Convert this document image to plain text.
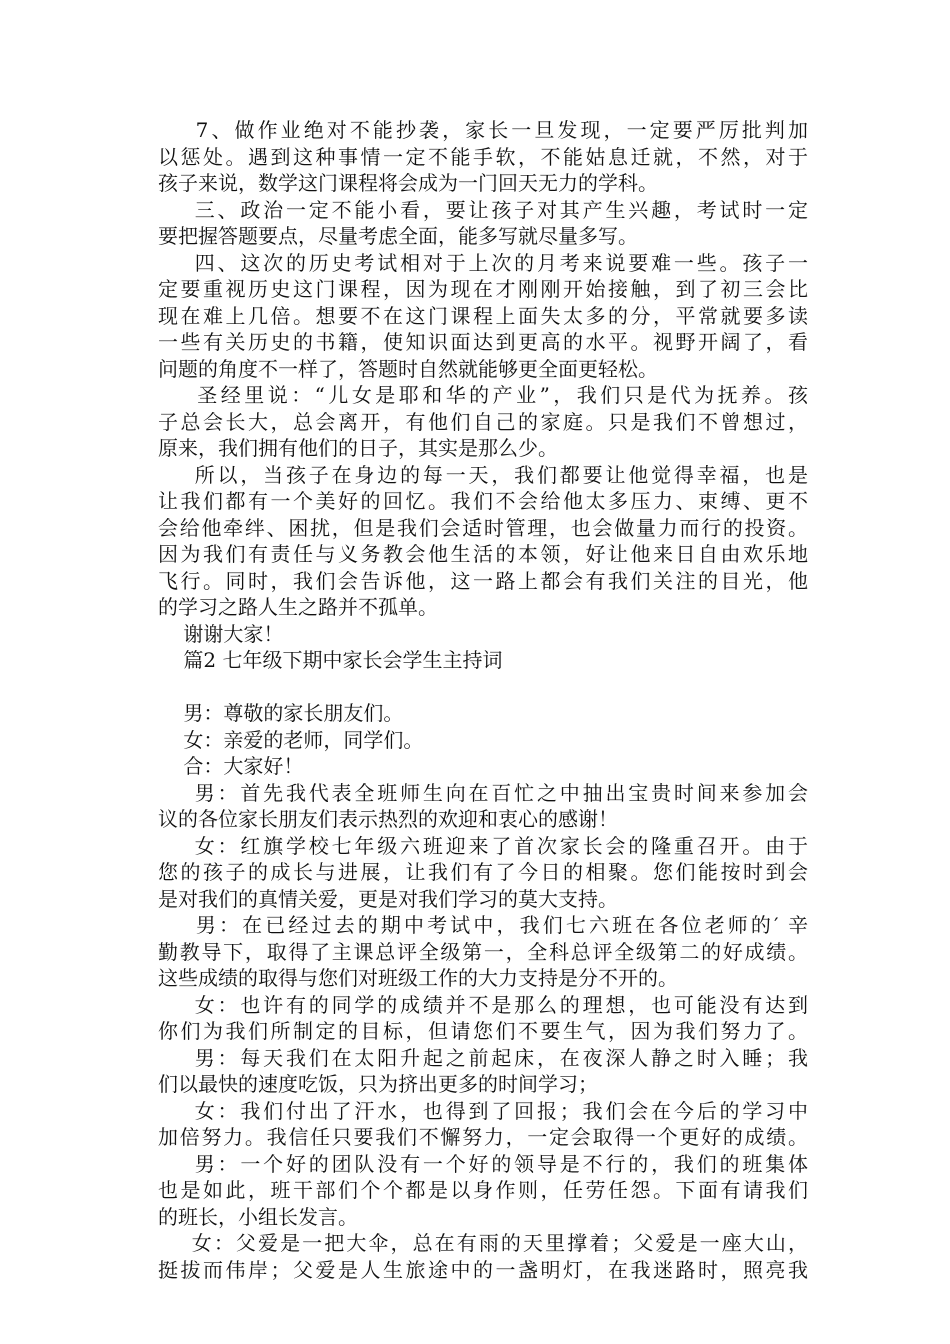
7、做作业绝对不能抄袭，家长一旦发现，一定要严厉批判加
以惩处。遇到这种事情一定不能手软，不能姑息迁就，不然，对于
孩子来说，数学这门课程将会成为一门回天无力的学科。
三、政治一定不能小看，要让孩子对其产生兴趣，考试时一定
要把握答题要点，尽量考虑全面，能多写就尽量多写。
四、这次的历史考试相对于上次的月考来说要难一些。孩子一
定要重视历史这门课程，因为现在才刚刚开始接触，到了初三会比
现在难上几倍。想要不在这门课程上面失太多的分，平常就要多读
一些有关历史的书籍，使知识面达到更高的水平。视野开阔了，看
问题的角度不一样了，答题时自然就能够更全面更轻松。
圣经里说：“儿女是耶和华的产业”，我们只是代为抚养。孩
子总会长大，总会离开，有他们自己的家庭。只是我们不曾想过，
原来，我们拥有他们的日子，其实是那么少。
所以，当孩子在身边的每一天，我们都要让他觉得幸福，也是
让我们都有一个美好的回忆。我们不会给他太多压力、束缚、更不
会给他牵绊、困扰，但是我们会适时管理，也会做量力而行的投资。
因为我们有责任与义务教会他生活的本领，好让他来日自由欢乐地
飞行。同时，我们会告诉他，这一路上都会有我们关注的目光，他
的学习之路人生之路并不孤单。
谢谢大家！
篇2 七年级下期中家长会学生主持词
男：尊敬的家长朋友们。
女：亲爱的老师，同学们。
合：大家好！
男：首先我代表全班师生向在百忙之中抽出宝贵时间来参加会
议的各位家长朋友们表示热烈的欢迎和衷心的感谢！
女：红旗学校七年级六班迎来了首次家长会的隆重召开。由于
您的孩子的成长与进展，让我们有了今日的相聚。您们能按时到会
是对我们的真情关爱，更是对我们学习的莫大支持。
男：在已经过去的期中考试中，我们七六班在各位老师的′ 辛
勤教导下，取得了主课总评全级第一，全科总评全级第二的好成绩。
这些成绩的取得与您们对班级工作的大力支持是分不开的。
女：也许有的同学的成绩并不是那么的理想，也可能没有达到
你们为我们所制定的目标，但请您们不要生气，因为我们努力了。
男：每天我们在太阳升起之前起床，在夜深人静之时入睡；我
们以最快的速度吃饭，只为挤出更多的时间学习；
女：我们付出了汗水，也得到了回报；我们会在今后的学习中
加倍努力。我信任只要我们不懈努力，一定会取得一个更好的成绩。
男：一个好的团队没有一个好的领导是不行的，我们的班集体
也是如此，班干部们个个都是以身作则，任劳任怨。下面有请我们
的班长，小组长发言。
女：父爱是一把大伞，总在有雨的天里撑着；父爱是一座大山，
挺拔而伟岸；父爱是人生旅途中的一盏明灯，在我迷路时，照亮我
